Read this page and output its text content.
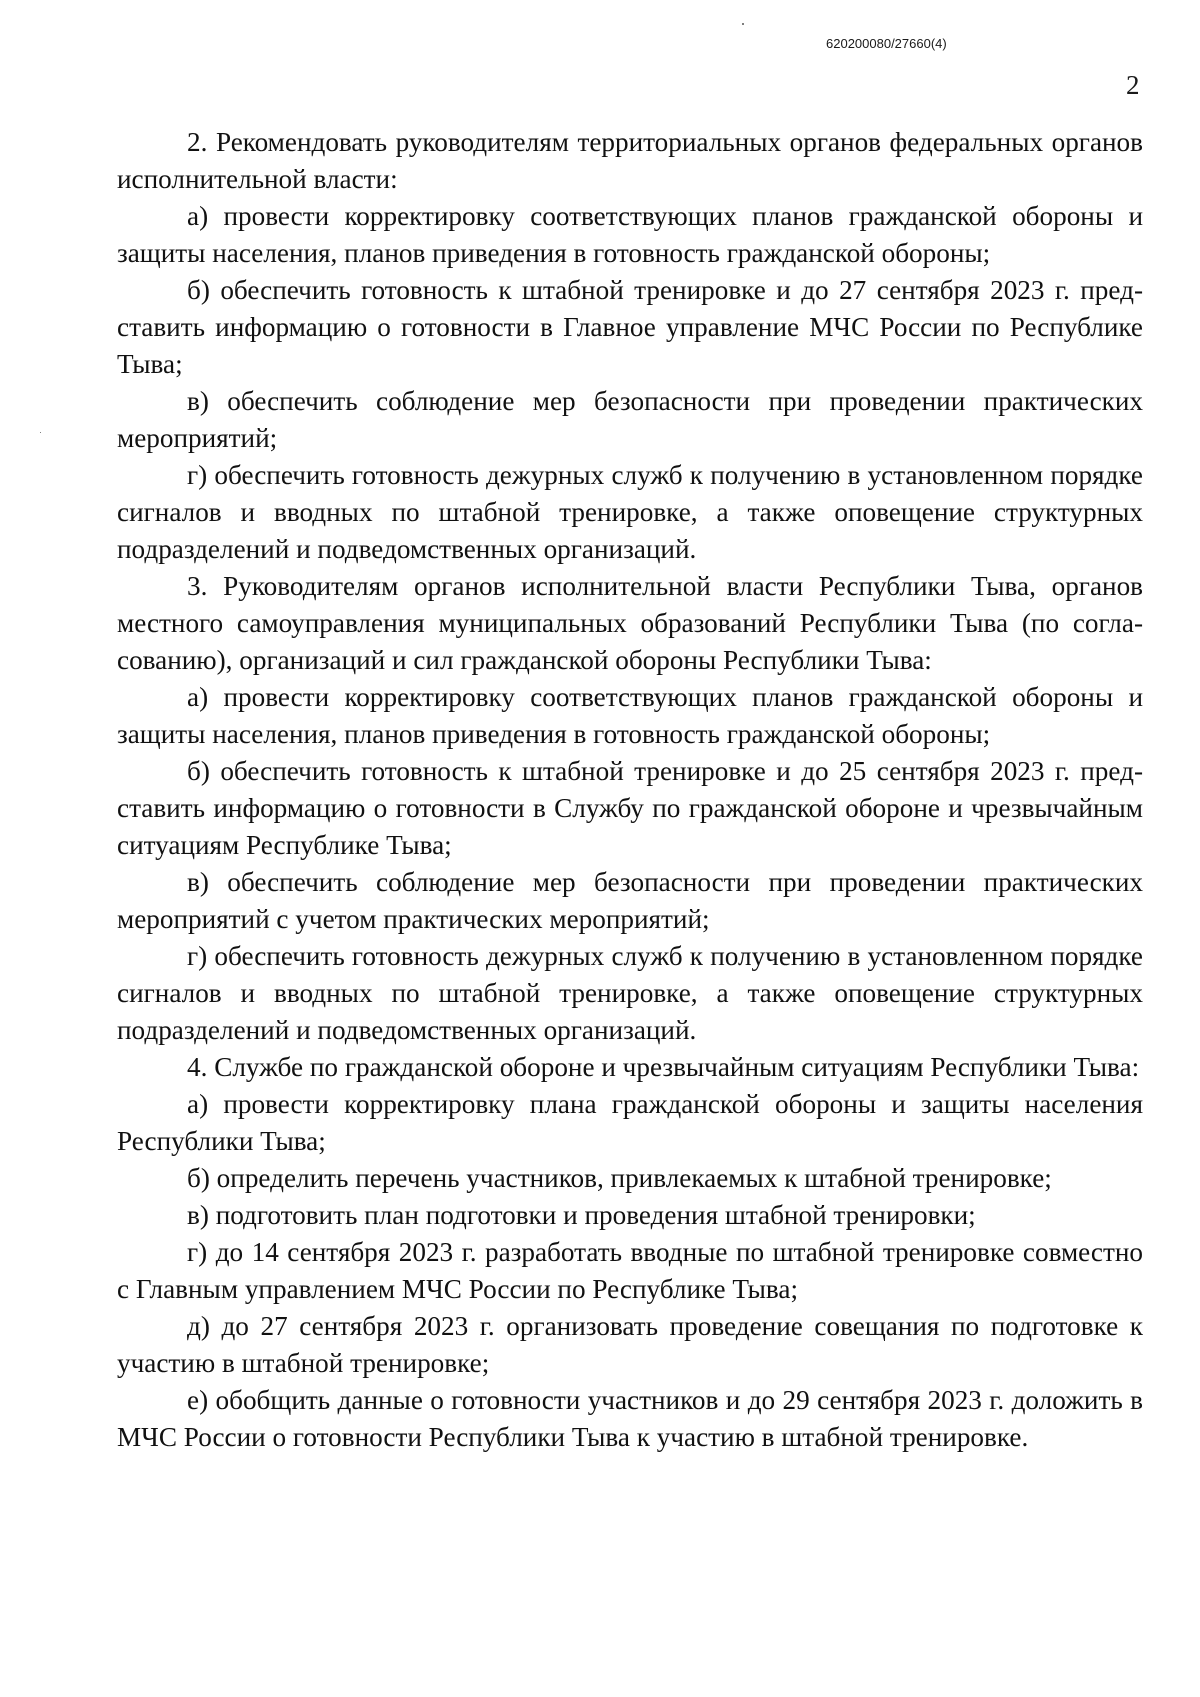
620200080/27660(4)
2

2. Рекомендовать руководителям территориальных органов федеральных органов исполнительной власти:

а) провести корректировку соответствующих планов гражданской обороны и защиты населения, планов приведения в готовность гражданской обороны;

б) обеспечить готовность к штабной тренировке и до 27 сентября 2023 г. представить информацию о готовности в Главное управление МЧС России по Республике Тыва;

в) обеспечить соблюдение мер безопасности при проведении практических мероприятий;

г) обеспечить готовность дежурных служб к получению в установленном порядке сигналов и вводных по штабной тренировке, а также оповещение структурных подразделений и подведомственных организаций.

3. Руководителям органов исполнительной власти Республики Тыва, органов местного самоуправления муниципальных образований Республики Тыва (по согласованию), организаций и сил гражданской обороны Республики Тыва:

а) провести корректировку соответствующих планов гражданской обороны и защиты населения, планов приведения в готовность гражданской обороны;

б) обеспечить готовность к штабной тренировке и до 25 сентября 2023 г. представить информацию о готовности в Службу по гражданской обороне и чрезвычайным ситуациям Республике Тыва;

в) обеспечить соблюдение мер безопасности при проведении практических мероприятий с учетом практических мероприятий;

г) обеспечить готовность дежурных служб к получению в установленном порядке сигналов и вводных по штабной тренировке, а также оповещение структурных подразделений и подведомственных организаций.

4. Службе по гражданской обороне и чрезвычайным ситуациям Республики Тыва:

а) провести корректировку плана гражданской обороны и защиты населения Республики Тыва;

б) определить перечень участников, привлекаемых к штабной тренировке;

в) подготовить план подготовки и проведения штабной тренировки;

г) до 14 сентября 2023 г. разработать вводные по штабной тренировке совместно с Главным управлением МЧС России по Республике Тыва;

д) до 27 сентября 2023 г. организовать проведение совещания по подготовке к участию в штабной тренировке;

е) обобщить данные о готовности участников и до 29 сентября 2023 г. доложить в МЧС России о готовности Республики Тыва к участию в штабной тренировке.
